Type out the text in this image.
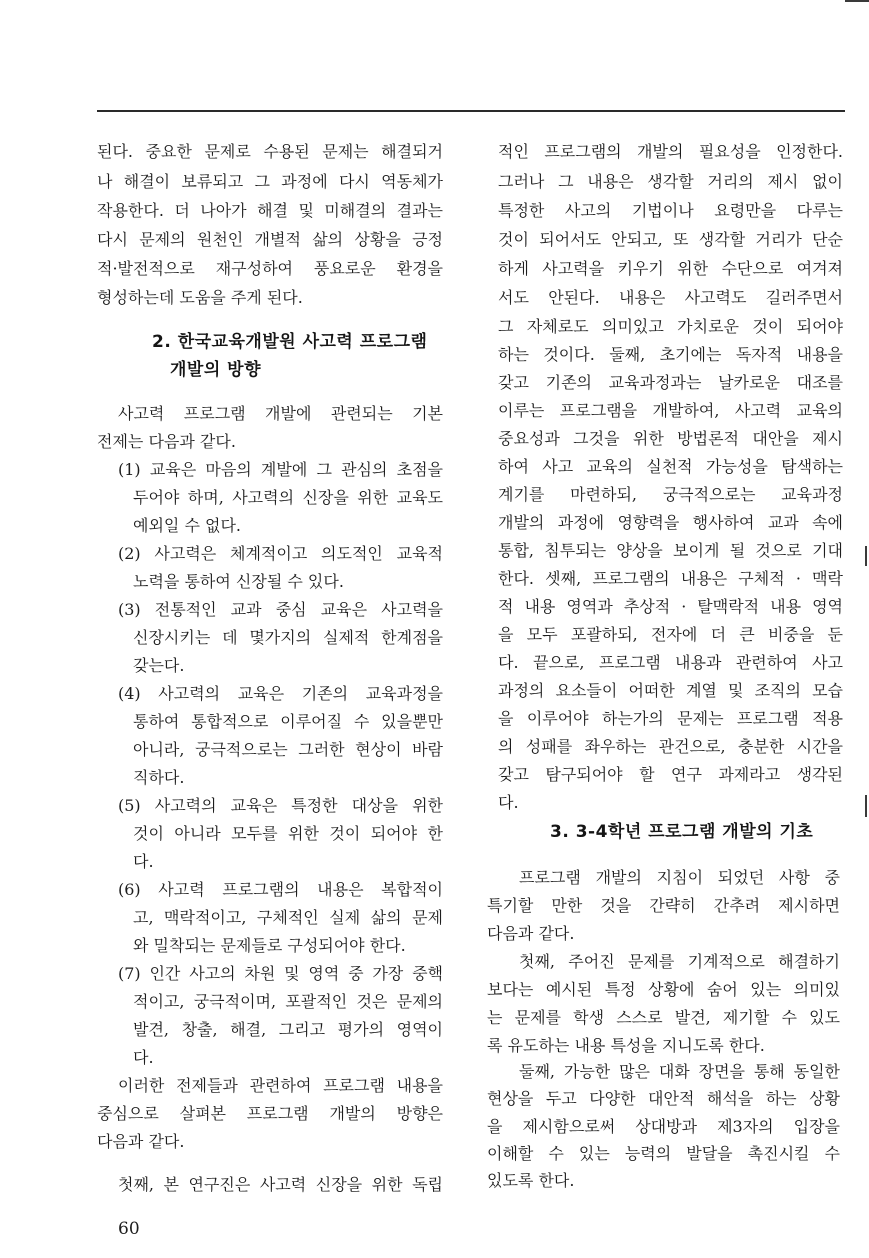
된다. 중요한 문제로 수용된 문제는 해결되거
나 해결이 보류되고 그 과정에 다시 역동체가
작용한다. 더 나아가 해결 및 미해결의 결과는
다시 문제의 원천인 개별적 삶의 상황을 긍정
적·발전적으로 재구성하여 풍요로운 환경을
형성하는데 도움을 주게 된다.
2. 한국교육개발원 사고력 프로그램
개발의 방향
사고력 프로그램 개발에 관련되는 기본
전제는 다음과 같다.
(1) 교육은 마음의 계발에 그 관심의 초점을
두어야 하며, 사고력의 신장을 위한 교육도
예외일 수 없다.
(2) 사고력은 체계적이고 의도적인 교육적
노력을 통하여 신장될 수 있다.
(3) 전통적인 교과 중심 교육은 사고력을
신장시키는 데 몇가지의 실제적 한계점을
갖는다.
(4) 사고력의 교육은 기존의 교육과정을
통하여 통합적으로 이루어질 수 있을뿐만
아니라, 궁극적으로는 그러한 현상이 바람
직하다.
(5) 사고력의 교육은 특정한 대상을 위한
것이 아니라 모두를 위한 것이 되어야 한
다.
(6) 사고력 프로그램의 내용은 복합적이
고, 맥락적이고, 구체적인 실제 삶의 문제
와 밀착되는 문제들로 구성되어야 한다.
(7) 인간 사고의 차원 및 영역 중 가장 중핵
적이고, 궁극적이며, 포괄적인 것은 문제의
발견, 창출, 해결, 그리고 평가의 영역이
다.
이러한 전제들과 관련하여 프로그램 내용을
중심으로 살펴본 프로그램 개발의 방향은
다음과 같다.
첫째, 본 연구진은 사고력 신장을 위한 독립
적인 프로그램의 개발의 필요성을 인정한다.
그러나 그 내용은 생각할 거리의 제시 없이
특정한 사고의 기법이나 요령만을 다루는
것이 되어서도 안되고, 또 생각할 거리가 단순
하게 사고력을 키우기 위한 수단으로 여겨져
서도 안된다. 내용은 사고력도 길러주면서
그 자체로도 의미있고 가치로운 것이 되어야
하는 것이다. 둘째, 초기에는 독자적 내용을
갖고 기존의 교육과정과는 날카로운 대조를
이루는 프로그램을 개발하여, 사고력 교육의
중요성과 그것을 위한 방법론적 대안을 제시
하여 사고 교육의 실천적 가능성을 탐색하는
계기를 마련하되, 궁극적으로는 교육과정
개발의 과정에 영향력을 행사하여 교과 속에
통합, 침투되는 양상을 보이게 될 것으로 기대
한다. 셋째, 프로그램의 내용은 구체적 · 맥락
적 내용 영역과 추상적 · 탈맥락적 내용 영역
을 모두 포괄하되, 전자에 더 큰 비중을 둔
다. 끝으로, 프로그램 내용과 관련하여 사고
과정의 요소들이 어떠한 계열 및 조직의 모습
을 이루어야 하는가의 문제는 프로그램 적용
의 성패를 좌우하는 관건으로, 충분한 시간을
갖고 탐구되어야 할 연구 과제라고 생각된
다.
3. 3-4학년 프로그램 개발의 기초
프로그램 개발의 지침이 되었던 사항 중
특기할 만한 것을 간략히 간추려 제시하면
다음과 같다.
첫째, 주어진 문제를 기계적으로 해결하기
보다는 예시된 특정 상황에 숨어 있는 의미있
는 문제를 학생 스스로 발견, 제기할 수 있도
록 유도하는 내용 특성을 지니도록 한다.
둘째, 가능한 많은 대화 장면을 통해 동일한
현상을 두고 다양한 대안적 해석을 하는 상황
을 제시함으로써 상대방과 제3자의 입장을
이해할 수 있는 능력의 발달을 촉진시킬 수
있도록 한다.
60
